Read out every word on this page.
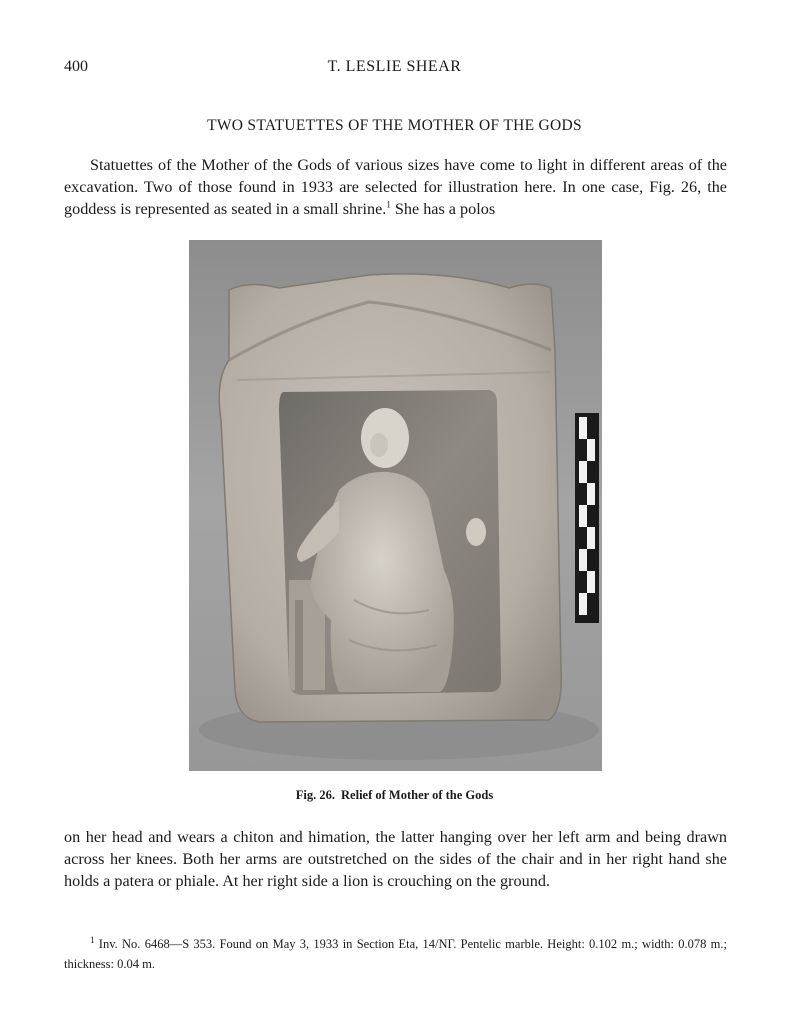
400	T. LESLIE SHEAR
TWO STATUETTES OF THE MOTHER OF THE GODS

Statuettes of the Mother of the Gods of various sizes have come to light in different areas of the excavation. Two of those found in 1933 are selected for illustration here. In one case, Fig. 26, the goddess is represented as seated in a small shrine.$^1$ She has a polos

Fig. 26. Relief of Mother of the Gods

on her head and wears a chiton and himation, the latter hanging over her left arm and being drawn across her knees. Both her arms are outstretched on the sides of the chair and in her right hand she holds a patera or phiale. At her right side a lion is crouching on the ground.

$^1$ Inv. No. 6468—S 353. Found on May 3, 1933 in Section Eta, 14/ΝΓ. Pentelic marble. Height: 0.102 m.; width: 0.078 m.; thickness: 0.04 m.
